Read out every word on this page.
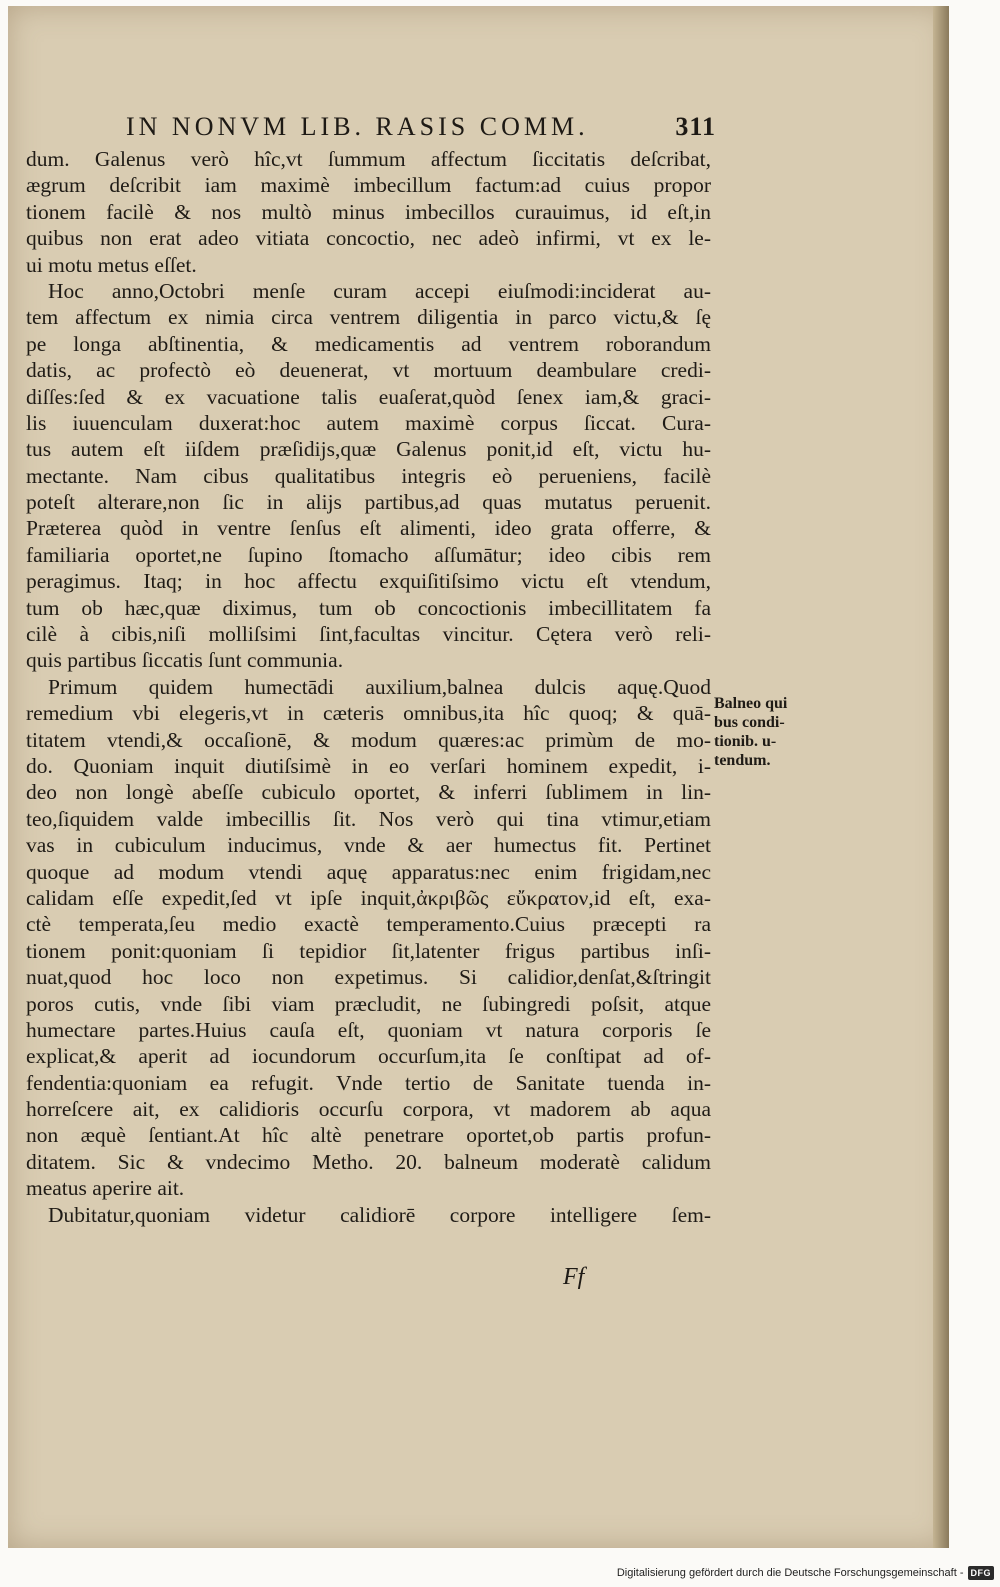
IN NONVM LIB. RASIS COMM.	311
dum. Galenus verò hîc,vt ſummum affectum ſiccitatis deſcribat,
ægrum deſcribit iam maximè imbecillum factum:ad cuius propor
tionem facilè & nos multò minus imbecillos curauimus, id eſt,in
quibus non erat adeo vitiata concoctio, nec adeò infirmi, vt ex le-
ui motu metus eſſet.
Hoc anno,Octobri menſe curam accepi eiuſmodi:inciderat au-
tem affectum ex nimia circa ventrem diligentia in parco victu,& ſę
pe longa abſtinentia, & medicamentis ad ventrem roborandum
datis, ac profectò eò deuenerat, vt mortuum deambulare credi-
diſſes:ſed & ex vacuatione talis euaſerat,quòd ſenex iam,& graci-
lis iuuenculam duxerat:hoc autem maximè corpus ſiccat. Cura-
tus autem eſt iiſdem præſidijs,quæ Galenus ponit,id eſt, victu hu-
mectante. Nam cibus qualitatibus integris eò perueniens, facilè
poteſt alterare,non ſic in alijs partibus,ad quas mutatus peruenit.
Præterea quòd in ventre ſenſus eſt alimenti, ideo grata offerre, &
familiaria oportet,ne ſupino ſtomacho aſſumātur; ideo cibis rem
peragimus. Itaq; in hoc affectu exquiſitiſsimo victu eſt vtendum,
tum ob hæc,quæ diximus, tum ob concoctionis imbecillitatem fa
cilè à cibis,niſi molliſsimi ſint,facultas vincitur. Cętera verò reli-
quis partibus ſiccatis ſunt communia.
Primum quidem humectādi auxilium,balnea dulcis aquę.Quod
remedium vbi elegeris,vt in cæteris omnibus,ita hîc quoq; & quā-
titatem vtendi,& occaſionē, & modum quæres:ac primùm de mo-
do. Quoniam inquit diutiſsimè in eo verſari hominem expedit, i-
deo non longè abeſſe cubiculo oportet, & inferri ſublimem in lin-
teo,ſiquidem valde imbecillis ſit. Nos verò qui tina vtimur,etiam
vas in cubiculum inducimus, vnde & aer humectus fit. Pertinet
quoque ad modum vtendi aquę apparatus:nec enim frigidam,nec
calidam eſſe expedit,ſed vt ipſe inquit,ἀκριβῶς εὔκρατον,id eſt, exa-
ctè temperata,ſeu medio exactè temperamento.Cuius præcepti ra
tionem ponit:quoniam ſi tepidior ſit,latenter frigus partibus inſi-
nuat,quod hoc loco non expetimus. Si calidior,denſat,&ſtringit
poros cutis, vnde ſibi viam præcludit, ne ſubingredi poſsit, atque
humectare partes.Huius cauſa eſt, quoniam vt natura corporis ſe
explicat,& aperit ad iocundorum occurſum,ita ſe conſtipat ad of-
fendentia:quoniam ea refugit. Vnde tertio de Sanitate tuenda in-
horreſcere ait, ex calidioris occurſu corpora, vt madorem ab aqua
non æquè ſentiant.At hîc altè penetrare oportet,ob partis profun-
ditatem. Sic & vndecimo Metho. 20. balneum moderatè calidum
meatus aperire ait.
Dubitatur,quoniam videtur calidiorē corpore intelligere ſem-
Balneo qui
bus condi-
tionib. u-
tendum.
Ff
Digitalisierung gefördert durch die Deutsche Forschungsgemeinschaft - DFG
